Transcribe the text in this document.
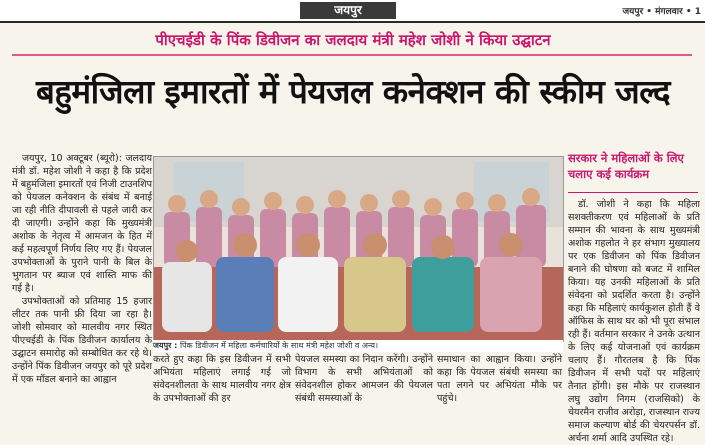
जयपुर	जयपुर • मंगलवार • 1
पीएचईडी के पिंक डिवीजन का जलदाय मंत्री महेश जोशी ने किया उद्घाटन
बहुमंजिला इमारतों में पेयजल कनेक्शन की स्कीम जल्द

जयपुर, 10 अक्टूबर (ब्यूरो): जलदाय मंत्री डॉ. महेश जोशी ने कहा है कि प्रदेश में बहुमंजिला इमारतों एवं निजी टाउनशिप को पेयजल कनेक्शन के संबंध में बनाई जा रही नीति दीपावली से पहले जारी कर दी जाएगी। उन्होंने कहा कि मुख्यमंत्री अशोक के नेतृत्व में आमजन के हित में कई महत्वपूर्ण निर्णय लिए गए हैं। पेयजल उपभोक्ताओं के पुराने पानी के बिल के भुगतान पर ब्याज एवं शास्ति माफ की गई है।

उपभोक्ताओं को प्रतिमाह 15 हजार लीटर तक पानी फ्री दिया जा रहा है। जोशी सोमवार को मालवीय नगर स्थित पीएचईडी के पिंक डिवीजन कार्यालय के उद्घाटन समारोह को सम्बोधित कर रहे थे। उन्होंने पिंक डिवीजन जयपुर को पूरे प्रदेश में एक मॉडल बनाने का आह्वान

जयपुर : पिंक डिवीजन में महिला कर्मचारियों के साथ मंत्री महेश जोशी व अन्य।
करते हुए कहा कि इस डिवीजन में सभी अभियंता महिलाएं लगाई गई जो संवेदनशीलता के साथ मालवीय नगर क्षेत्र के उपभोक्ताओं की हर
पेयजल समस्या का निदान करेंगी। उन्होंने विभाग के सभी अभियंताओं को संवेदनशील होकर आमजन की पेयजल संबंधी समस्याओं के
समाधान का आह्वान किया। उन्होंने कहा कि पेयजल संबंधी समस्या का पता लगने पर अभियंता मौके पर पहुंचे।
सरकार ने महिलाओं के लिए चलाए कई कार्यक्रम

डॉ. जोशी ने कहा कि महिला सशक्तीकरण एवं महिलाओं के प्रति सम्मान की भावना के साथ मुख्यमंत्री अशोक गहलोत ने हर संभाग मुख्यालय पर एक डिवीजन को पिंक डिवीजन बनाने की घोषणा को बजट में शामिल किया। यह उनकी महिलाओं के प्रति संवेदना को प्रदर्शित करता है। उन्होंने कहा कि महिलाएं कार्यकुशल होती हैं वे ऑफिस के साथ घर को भी पूरा संभाल रही हैं। वर्तमान सरकार ने उनके उत्थान के लिए कई योजनाओं एवं कार्यक्रम चलाए हैं। गौरतलब है कि पिंक डिवीजन में सभी पदों पर महिलाएं तैनात होंगी। इस मौके पर राजस्थान लघु उद्योग निगम (राजसिको) के चेयरमैन राजीव अरोड़ा, राजस्थान राज्य समाज कल्याण बोर्ड की चेयरपर्सन डॉ. अर्चना शर्मा आदि उपस्थित रहे।
